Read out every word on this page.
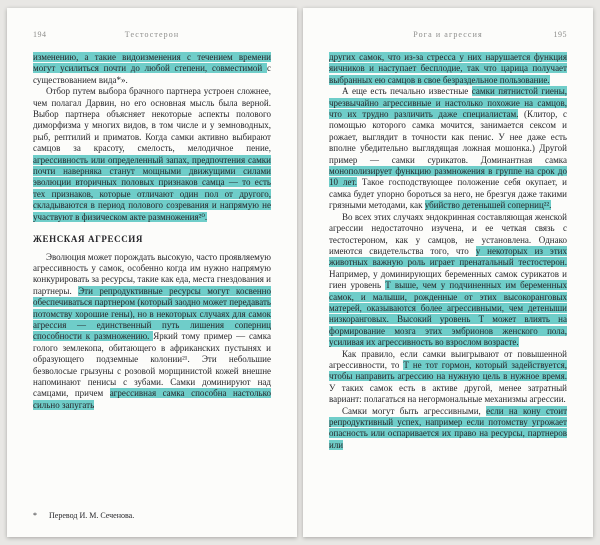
194	Тестостерон

изменению, а такие видоизменения с течением времени могут усилиться почти до любой степени, совместимой с существованием вида*».

Отбор путем выбора брачного партнера устроен сложнее, чем полагал Дарвин, но его основная мысль была верной. Выбор партнера объясняет некоторые аспекты полового диморфизма у многих видов, в том числе и у земноводных, рыб, рептилий и приматов. Когда самки активно выбирают самцов за красоту, смелость, мелодичное пение, агрессивность или определенный запах, предпочтения самки почти наверняка станут мощными движущими силами эволюции вторичных половых признаков самца — то есть тех признаков, которые отличают один пол от другого, складываются в период полового созревания и напрямую не участвуют в физическом акте размножения²⁰.

ЖЕНСКАЯ АГРЕССИЯ

Эволюция может порождать высокую, часто проявляемую агрессивность у самок, особенно когда им нужно напрямую конкурировать за ресурсы, такие как еда, места гнездования и партнеры. Эти репродуктивные ресурсы могут косвенно обеспечиваться партнером (который заодно может передавать потомству хорошие гены), но в некоторых случаях для самок агрессия — единственный путь лишения соперниц способности к размножению. Яркий тому пример — самка голого землекопа, обитающего в африканских пустынях и образующего подземные колонии²¹. Эти небольшие безволосые грызуны с розовой морщинистой кожей внешне напоминают пенисы с зубами. Самки доминируют над самцами, причем агрессивная самка способна настолько сильно запугать

*	Перевод И. М. Сеченова.
Рога и агрессия	195

других самок, что из-за стресса у них нарушается функция яичников и наступает бесплодие, так что царица получает выбранных ею самцов в свое безраздельное пользование.

А еще есть печально известные самки пятнистой гиены, чрезвычайно агрессивные и настолько похожие на самцов, что их трудно различить даже специалистам. (Клитор, с помощью которого самка мочится, занимается сексом и рожает, выглядит в точности как пенис. У нее даже есть вполне убедительно выглядящая ложная мошонка.) Другой пример — самки сурикатов. Доминантная самка монополизирует функцию размножения в группе на срок до 10 лет. Такое господствующее положение себя окупает, и самка будет упорно бороться за него, не брезгуя даже такими грязными методами, как убийство детенышей соперниц²².

Во всех этих случаях эндокринная составляющая женской агрессии недостаточно изучена, и ее четкая связь с тестостероном, как у самцов, не установлена. Однако имеются свидетельства того, что у некоторых из этих животных важную роль играет пренатальный тестостерон. Например, у доминирующих беременных самок сурикатов и гиен уровень Т выше, чем у подчиненных им беременных самок, и малыши, рожденные от этих высокоранговых матерей, оказываются более агрессивными, чем детеныши низкоранговых. Высокий уровень Т может влиять на формирование мозга этих эмбрионов женского пола, усиливая их агрессивность во взрослом возрасте.

Как правило, если самки выигрывают от повышенной агрессивности, то Т не тот гормон, который задействуется, чтобы направить агрессию на нужную цель в нужное время. У таких самок есть в активе другой, менее затратный вариант: полагаться на негормональные механизмы агрессии.

Самки могут быть агрессивными, если на кону стоит репродуктивный успех, например если потомству угрожает опасность или оспаривается их право на ресурсы, партнеров или
